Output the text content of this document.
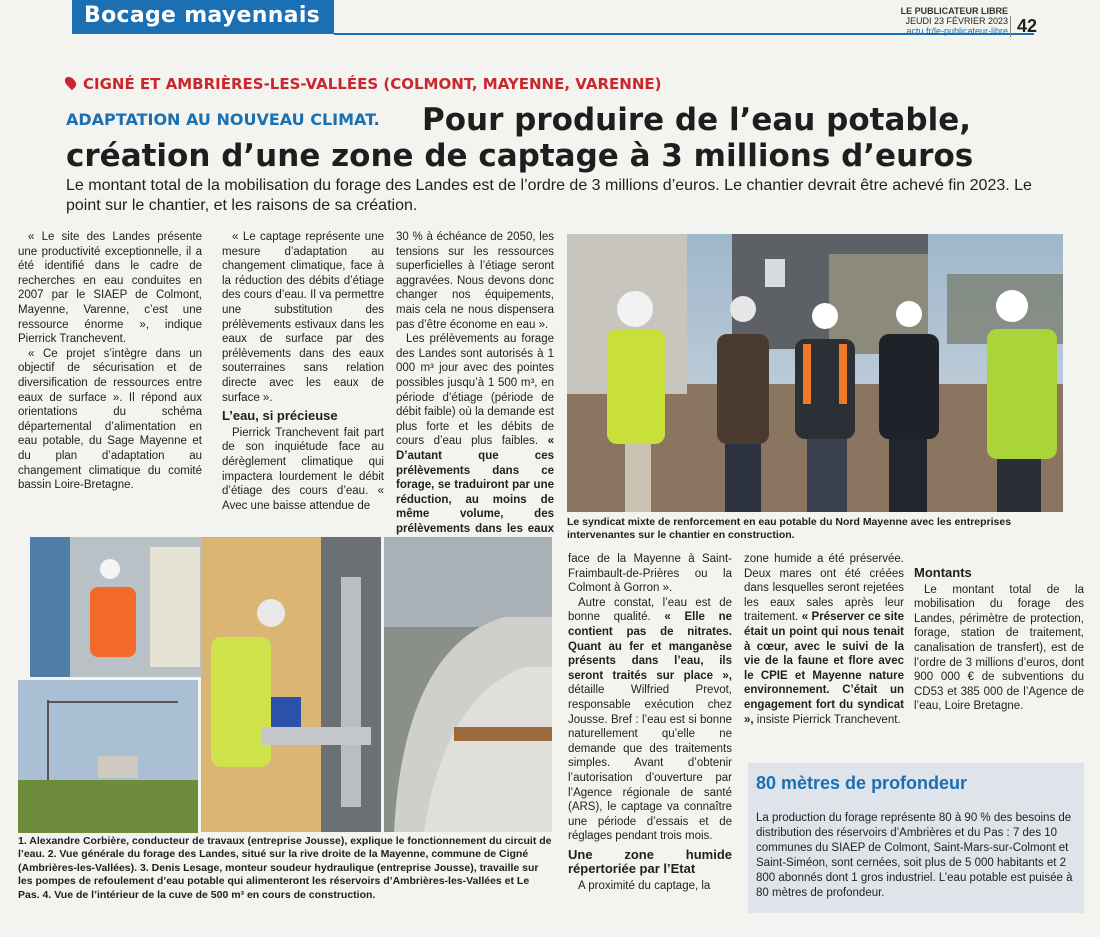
Bocage mayennais	LE PUBLICATEUR LIBRE
JEUDI 23 FÉVRIER 2023
actu.fr/le-publicateur-libre 42
CIGNÉ ET AMBRIÈRES-LES-VALLÉES (COLMONT, MAYENNE, VARENNE)
ADAPTATION AU NOUVEAU CLIMAT.	Pour produire de l’eau potable,
création d’une zone de captage à 3 millions d’euros

Le montant total de la mobilisation du forage des Landes est de l’ordre de 3 millions d’euros. Le chantier devrait être achevé fin 2023. Le point sur le chantier, et les raisons de sa création.

« Le site des Landes présente une productivité exceptionnelle, il a été identifié dans le cadre de recherches en eau conduites en 2007 par le SIAEP de Colmont, Mayenne, Varenne, c’est une ressource énorme », indique Pierrick Tranchevent.

« Ce projet s’intègre dans un objectif de sécurisation et de diversification de ressources entre eaux de surface ». Il répond aux orientations du schéma départemental d’alimentation en eau potable, du Sage Mayenne et du plan d’adaptation au changement climatique du comité bassin Loire-Bretagne.

« Le captage représente une mesure d’adaptation au changement climatique, face à la réduction des débits d’étiage des cours d’eau. Il va permettre une substitution des prélèvements estivaux dans les eaux de surface par des prélèvements dans des eaux souterraines sans relation directe avec les eaux de surface ».

L’eau, si précieuse

Pierrick Tranchevent fait part de son inquiétude face au dérèglement climatique qui impactera lourdement le débit d’étiage des cours d’eau. « Avec une baisse attendue de

30 % à échéance de 2050, les tensions sur les ressources superficielles à l’étiage seront aggravées. Nous devons donc changer nos équipements, mais cela ne nous dispensera pas d’être économe en eau ».

Les prélèvements au forage des Landes sont autorisés à 1 000 m³ jour avec des pointes possibles jusqu’à 1 500 m³, en période d’étiage (période de débit faible) où la demande est plus forte et les débits de cours d’eau plus faibles. « D’autant que ces prélèvements dans ce forage, se traduiront par une réduction, au moins de même volume, des prélèvements dans les eaux

Le syndicat mixte de renforcement en eau potable du Nord Mayenne avec les entreprises intervenantes sur le chantier en construction.
1. Alexandre Corbière, conducteur de travaux (entreprise Jousse), explique le fonctionnement du circuit de l’eau. 2. Vue générale du forage des Landes, situé sur la rive droite de la Mayenne, commune de Cigné (Ambrières-les-Vallées). 3. Denis Lesage, monteur soudeur hydraulique (entreprise Jousse), travaille sur les pompes de refoulement d’eau potable qui alimenteront les réservoirs d’Ambrières-les-Vallées et Le Pas. 4. Vue de l’intérieur de la cuve de 500 m³ en cours de construction.

face de la Mayenne à Saint-Fraimbault-de-Prières ou la Colmont à Gorron ».

Autre constat, l’eau est de bonne qualité. « Elle ne contient pas de nitrates. Quant au fer et manganèse présents dans l’eau, ils seront traités sur place », détaille Wilfried Prevot, responsable exécution chez Jousse. Bref : l’eau est si bonne naturellement qu’elle ne demande que des traitements simples. Avant d’obtenir l’autorisation d’ouverture par l’Agence régionale de santé (ARS), le captage va connaître une période d’essais et de réglages pendant trois mois.

Une zone humide répertoriée par l’Etat

A proximité du captage, la

zone humide a été préservée. Deux mares ont été créées dans lesquelles seront rejetées les eaux sales après leur traitement. « Préserver ce site était un point qui nous tenait à cœur, avec le suivi de la vie de la faune et flore avec le CPIE et Mayenne nature environnement. C’était un engagement fort du syndicat », insiste Pierrick Tranchevent.

Montants

Le montant total de la mobilisation du forage des Landes, périmètre de protection, forage, station de traitement, canalisation de transfert), est de l’ordre de 3 millions d’euros, dont 900 000 € de subventions du CD53 et 385 000 de l’Agence de l’eau, Loire Bretagne.

80 mètres de profondeur

La production du forage représente 80 à 90 % des besoins de distribution des réservoirs d’Ambrières et du Pas : 7 des 10 communes du SIAEP de Colmont, Saint-Mars-sur-Colmont et Saint-Siméon, sont cernées, soit plus de 5 000 habitants et 2 800 abonnés dont 1 gros industriel. L’eau potable est puisée à 80 mètres de profondeur.
